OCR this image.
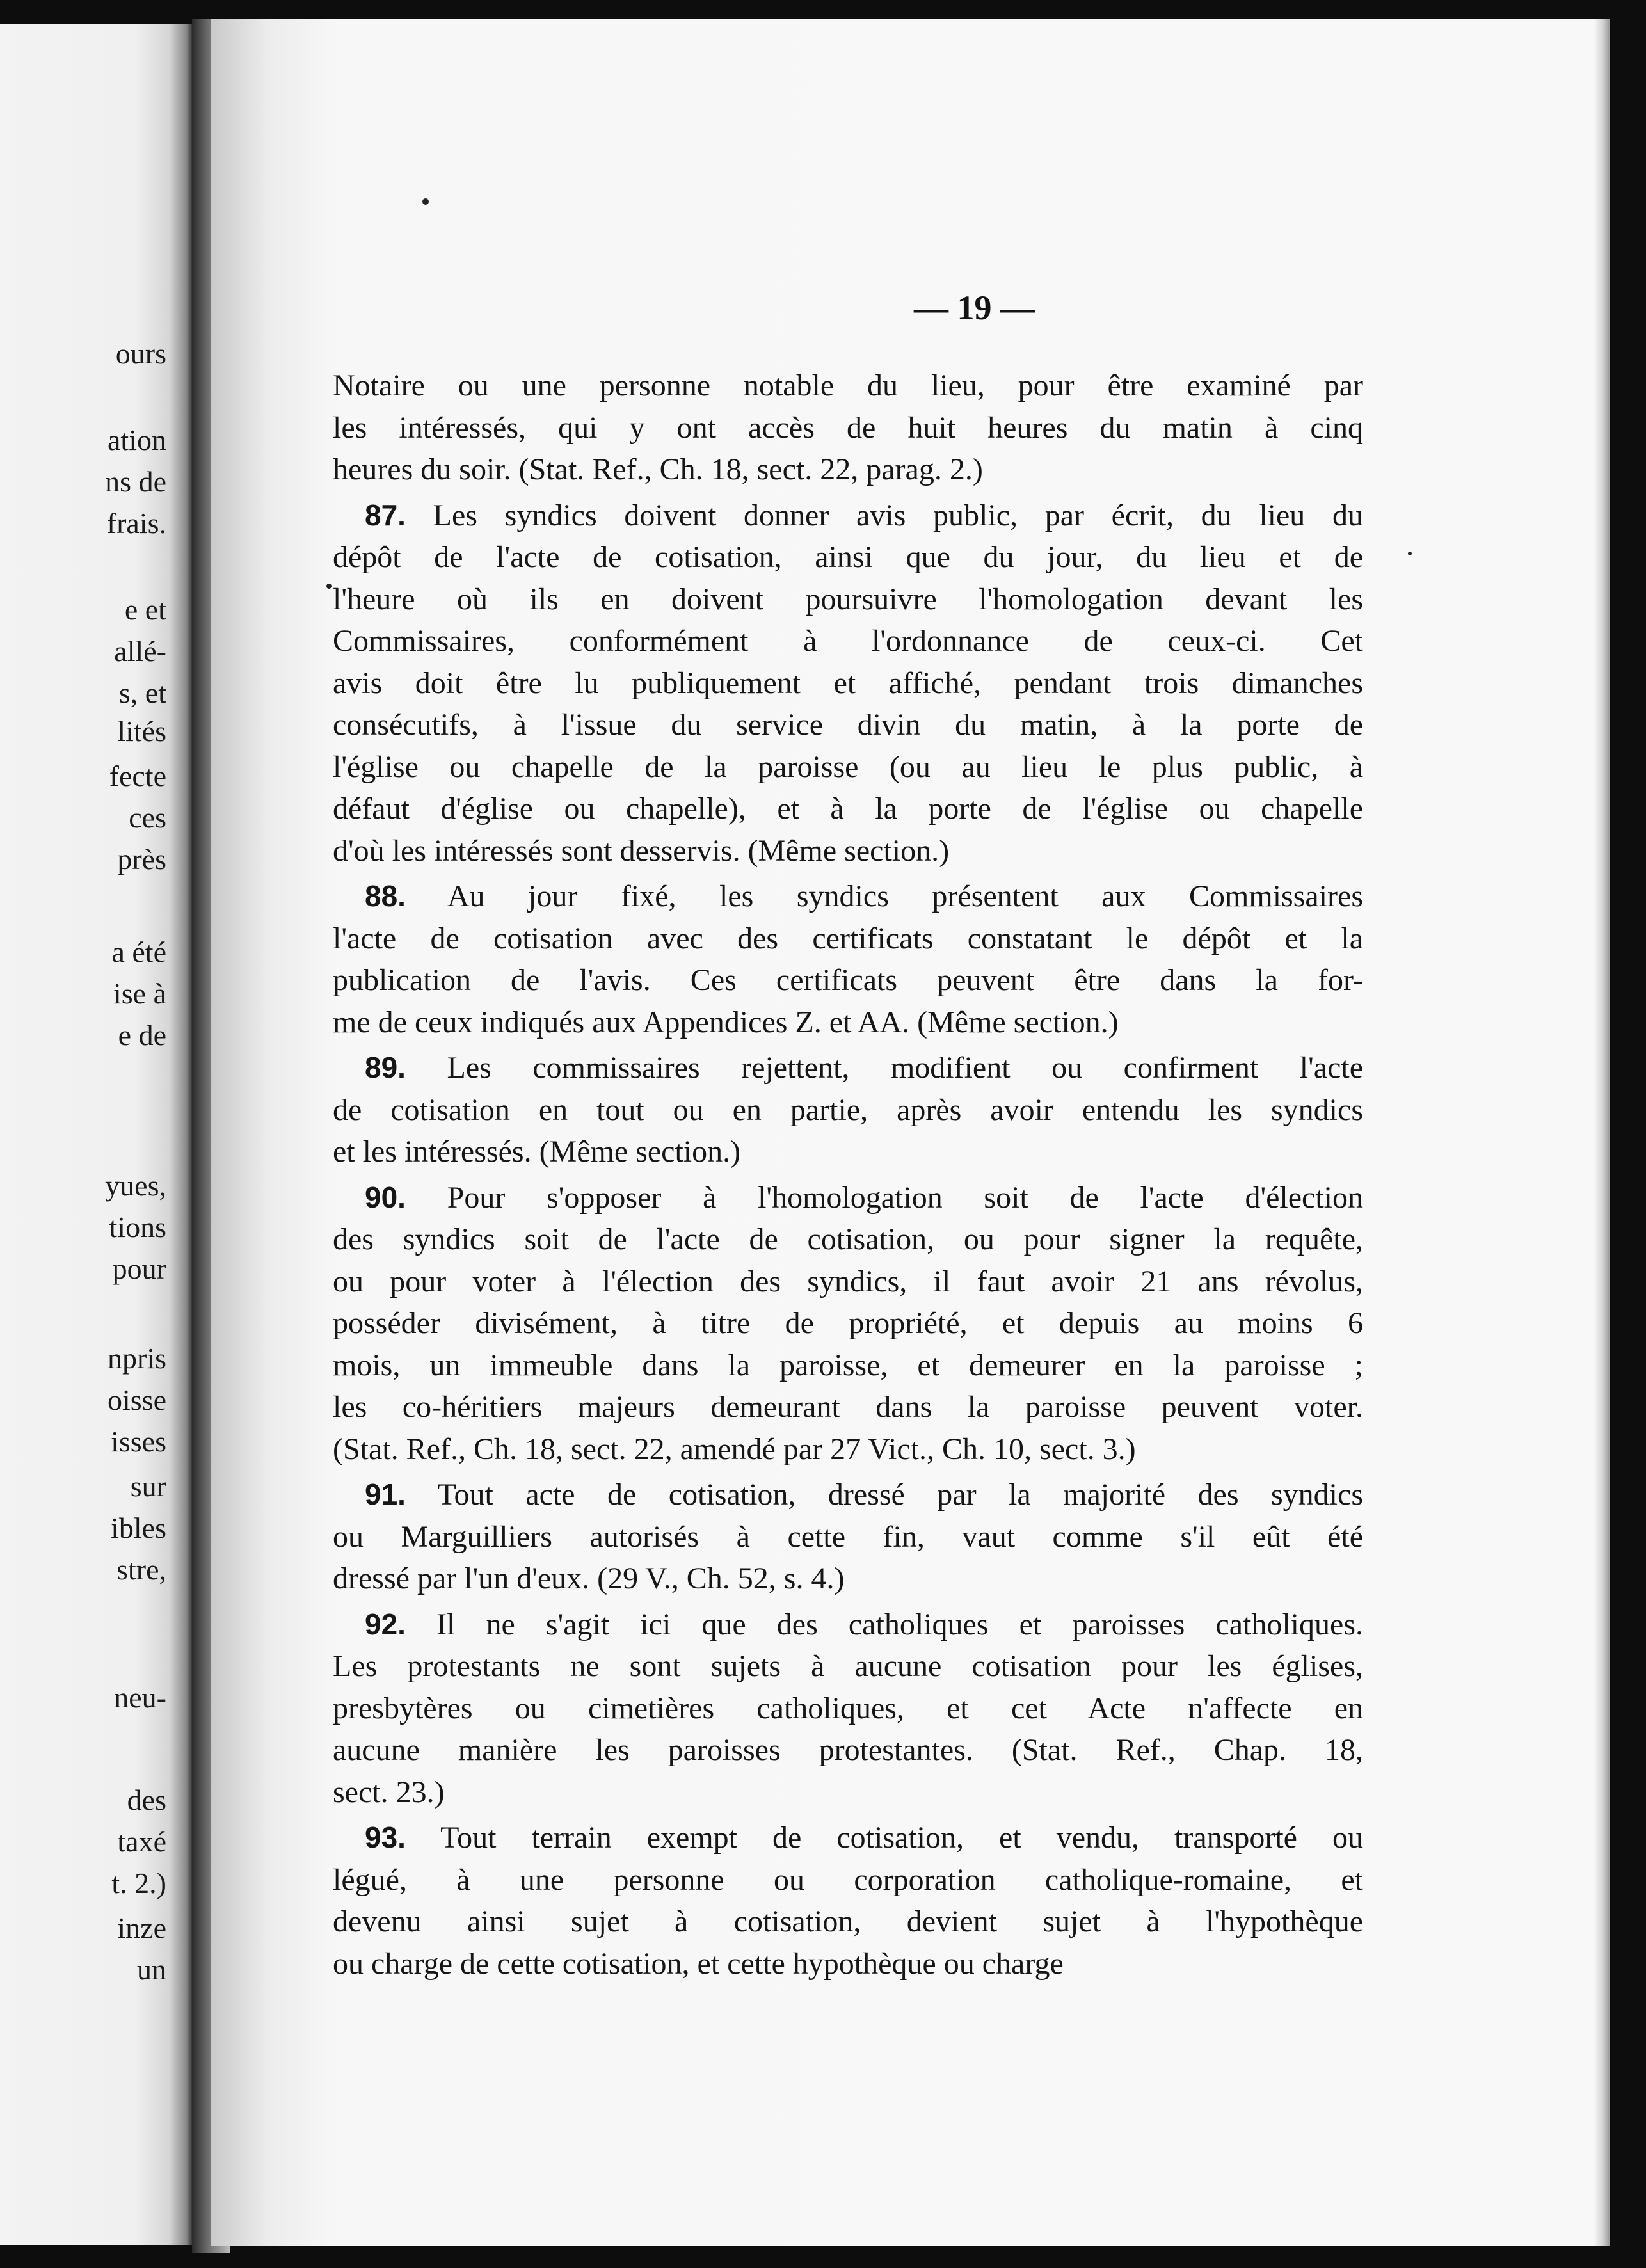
ours
ation
ns de
frais.
e et
allé-
s, et
lités
fecte
ces
près
a été
ise à
e de
yues,
tions
pour
npris
oisse
isses
sur
ibles
stre,
neu-
des
taxé
t. 2.)
inze
un
— 19 —
Notaire ou une personne notable du lieu, pour être examiné par
les intéressés, qui y ont accès de huit heures du matin à cinq
heures du soir. (Stat. Ref., Ch. 18, sect. 22, parag. 2.)
87. Les syndics doivent donner avis public, par écrit, du lieu du
dépôt de l'acte de cotisation, ainsi que du jour, du lieu et de
l'heure où ils en doivent poursuivre l'homologation devant les
Commissaires, conformément à l'ordonnance de ceux-ci. Cet
avis doit être lu publiquement et affiché, pendant trois dimanches
consécutifs, à l'issue du service divin du matin, à la porte de
l'église ou chapelle de la paroisse (ou au lieu le plus public, à
défaut d'église ou chapelle), et à la porte de l'église ou chapelle
d'où les intéressés sont desservis. (Même section.)
88. Au jour fixé, les syndics présentent aux Commissaires
l'acte de cotisation avec des certificats constatant le dépôt et la
publication de l'avis. Ces certificats peuvent être dans la for-
me de ceux indiqués aux Appendices Z. et AA. (Même section.)
89. Les commissaires rejettent, modifient ou confirment l'acte
de cotisation en tout ou en partie, après avoir entendu les syndics
et les intéressés. (Même section.)
90. Pour s'opposer à l'homologation soit de l'acte d'élection
des syndics soit de l'acte de cotisation, ou pour signer la requête,
ou pour voter à l'élection des syndics, il faut avoir 21 ans révolus,
posséder divisément, à titre de propriété, et depuis au moins 6
mois, un immeuble dans la paroisse, et demeurer en la paroisse ;
les co-héritiers majeurs demeurant dans la paroisse peuvent voter.
(Stat. Ref., Ch. 18, sect. 22, amendé par 27 Vict., Ch. 10, sect. 3.)
91. Tout acte de cotisation, dressé par la majorité des syndics
ou Marguilliers autorisés à cette fin, vaut comme s'il eût été
dressé par l'un d'eux. (29 V., Ch. 52, s. 4.)
92. Il ne s'agit ici que des catholiques et paroisses catholiques.
Les protestants ne sont sujets à aucune cotisation pour les églises,
presbytères ou cimetières catholiques, et cet Acte n'affecte en
aucune manière les paroisses protestantes. (Stat. Ref., Chap. 18,
sect. 23.)
93. Tout terrain exempt de cotisation, et vendu, transporté ou
légué, à une personne ou corporation catholique-romaine, et
devenu ainsi sujet à cotisation, devient sujet à l'hypothèque
ou charge de cette cotisation, et cette hypothèque ou charge
